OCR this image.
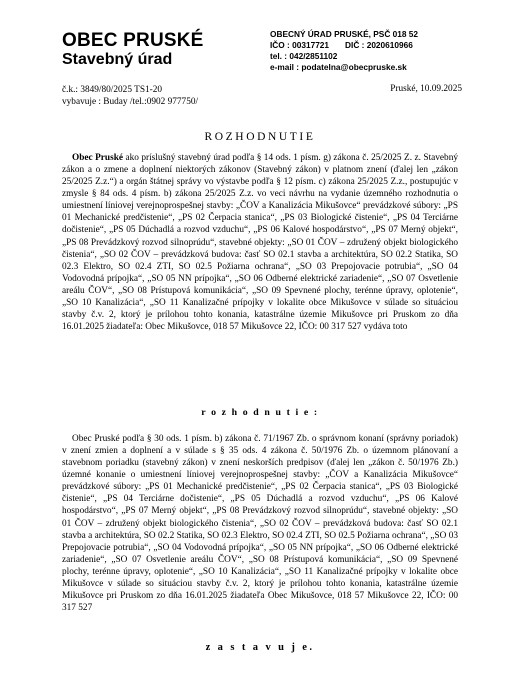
OBEC PRUSKÉ
Stavebný úrad
OBECNÝ ÚRAD PRUSKÉ, PSČ 018 52
IČO : 00317721 DIČ : 2020610966
tel. : 042/2851102
e-mail : podatelna@obecpruske.sk
č.k.: 3849/80/2025 TS1-20
vybavuje : Buday /tel.:0902 977750/
Pruské, 10.09.2025
ROZHODNUTIE

Obec Pruské ako príslušný stavebný úrad podľa § 14 ods. 1 písm. g) zákona č. 25/2025 Z. z. Stavebný zákon a o zmene a doplnení niektorých zákonov (Stavebný zákon) v platnom znení (ďalej len „zákon 25/2025 Z.z.“) a orgán štátnej správy vo výstavbe podľa § 12 písm. c) zákona 25/2025 Z.z., postupujúc v zmysle § 84 ods. 4 písm. b) zákona 25/2025 Z.z. vo veci návrhu na vydanie územného rozhodnutia o umiestnení líniovej verejnoprospešnej stavby: „ČOV a Kanalizácia Mikušovce“ prevádzkové súbory: „PS 01 Mechanické predčistenie“, „PS 02 Čerpacia stanica“, „PS 03 Biologické čistenie“, „PS 04 Terciárne dočistenie“, „PS 05 Dúchadlá a rozvod vzduchu“, „PS 06 Kalové hospodárstvo“, „PS 07 Merný objekt“, „PS 08 Prevádzkový rozvod silnoprúdu“, stavebné objekty: „SO 01 ČOV – združený objekt biologického čistenia“, „SO 02 ČOV – prevádzková budova: časť SO 02.1 stavba a architektúra, SO 02.2 Statika, SO 02.3 Elektro, SO 02.4 ZTI, SO 02.5 Požiarna ochrana“, „SO 03 Prepojovacie potrubia“, „SO 04 Vodovodná prípojka“, „SO 05 NN prípojka“, „SO 06 Odberné elektrické zariadenie“, „SO 07 Osvetlenie areálu ČOV“, „SO 08 Prístupová komunikácia“, „SO 09 Spevnené plochy, terénne úpravy, oplotenie“, „SO 10 Kanalizácia“, „SO 11 Kanalizačné prípojky v lokalite obce Mikušovce v súlade so situáciou stavby č.v. 2, ktorý je prílohou tohto konania, katastrálne územie Mikušovce pri Pruskom zo dňa 16.01.2025 žiadateľa: Obec Mikušovce, 018 57 Mikušovce 22, IČO: 00 317 527 vydáva toto

r o z h o d n u t i e :

Obec Pruské podľa § 30 ods. 1 písm. b) zákona č. 71/1967 Zb. o správnom konaní (správny poriadok) v znení zmien a doplnení a v súlade s § 35 ods. 4 zákona č. 50/1976 Zb. o územnom plánovaní a stavebnom poriadku (stavebný zákon) v znení neskorších predpisov (ďalej len „zákon č. 50/1976 Zb.) územné konanie o umiestnení líniovej verejnoprospešnej stavby: „ČOV a Kanalizácia Mikušovce“ prevádzkové súbory: „PS 01 Mechanické predčistenie“, „PS 02 Čerpacia stanica“, „PS 03 Biologické čistenie“, „PS 04 Terciárne dočistenie“, „PS 05 Dúchadlá a rozvod vzduchu“, „PS 06 Kalové hospodárstvo“, „PS 07 Merný objekt“, „PS 08 Prevádzkový rozvod silnoprúdu“, stavebné objekty: „SO 01 ČOV – združený objekt biologického čistenia“, „SO 02 ČOV – prevádzková budova: časť SO 02.1 stavba a architektúra, SO 02.2 Statika, SO 02.3 Elektro, SO 02.4 ZTI, SO 02.5 Požiarna ochrana“, „SO 03 Prepojovacie potrubia“, „SO 04 Vodovodná prípojka“, „SO 05 NN prípojka“, „SO 06 Odberné elektrické zariadenie“, „SO 07 Osvetlenie areálu ČOV“, „SO 08 Prístupová komunikácia“, „SO 09 Spevnené plochy, terénne úpravy, oplotenie“, „SO 10 Kanalizácia“, „SO 11 Kanalizačné prípojky v lokalite obce Mikušovce v súlade so situáciou stavby č.v. 2, ktorý je prílohou tohto konania, katastrálne územie Mikušovce pri Pruskom zo dňa 16.01.2025 žiadateľa Obec Mikušovce, 018 57 Mikušovce 22, IČO: 00 317 527

z a s t a v u j e.
